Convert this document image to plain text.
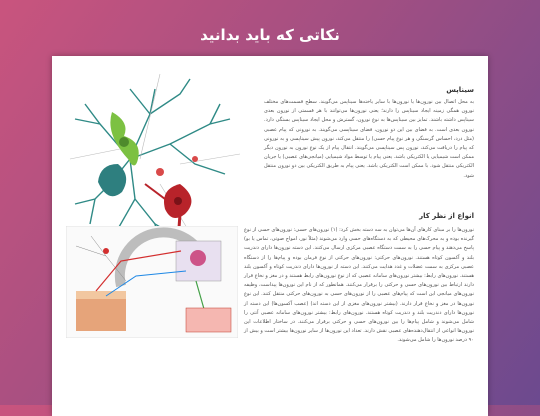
نکاتی که باید بدانید
سیناپس
به محل اتصال بین نورون‌ها یا نورون‌ها با سایر یاخته‌ها سیناپس می‌گویند. سطح قسمت‌های مختلف نورون همگی زمینه ایجاد سیناپس را دارند؛ یعنی نورون‌ها می‌توانند با هر قسمتی از نورون بعدی سیناپس داشته باشند. تمایز بین سیناپس‌ها به نوع نورون، گسترش و محل ایجاد سیناپس بستگی دارد. نورون بعدی است. به فضای بین این دو نورون، فضای سیناپسی می‌گویند. به نورونی که پیام عصبی (مثل درد، احساس گرسنگی و هر نوع پیام حسی) را منتقل می‌کند، نورون پیش سیناپسی و به نورونی که پیام را دریافت می‌کند، نورون پس سیناپسی می‌گویند. انتقال پیام از یک نوع نورون به نورون دیگر ممکن است شیمیایی یا الکتریکی باشد. یعنی پیام یا توسط مواد شیمیایی (میانجی‌های عصبی) یا جریان الکتریکی منتقل شود. با ممکن است الکتریکی باشد. یعنی پیام به طریق الکتریکی بین دو نورون منتقل شود.
انواع از نظر کار
نورون‌ها را بر مبنای کار‌های آن‌ها می‌توان به سه دسته بخش کرد: (۱) نورون‌های حسی: نورون‌های حسی از نوع گیرنده بوده و به محرک‌های محیطی که به دستگاه‌های حسی وارد می‌شوند (مثلاً نور، امواج صوتی، تماس یا بو) پاسخ می‌دهند و پیام حسی را به سمت دستگاه عصبی مرکزی ارسال می‌کنند. این دسته نورون‌ها دارای دندریت بلند و آکسون کوتاه هستند. نورون‌های حرکتی: نورون‌های حرکتی از نوع فرمان بوده و پیام‌ها را از دستگاه عصبی مرکزی به سمت عضلات و غدد هدایت می‌کنند. این دسته از نورون‌ها دارای دندریت کوتاه و آکسون بلند هستند. نورون‌های رابط: بیشتر نورون‌های سامانه عصبی که از نوع نورون‌های رابط هستند و در مغز و نخاع قرار دارند ارتباط بین نورون‌های حسی و حرکتی را برقرار می‌کنند. همانطور که از نام این نورون‌ها پیداست، وظیفه نورون‌های میانجی این است که پیام‌های عصبی را از نورون‌های حسی به نورون‌های حرکتی منتقل کنند. این نوع نورون‌ها در مغز و نخاع قرار دارند. (بیشتر نورون‌های مغزی از این دسته اند) (عصب آکسون‌ها) این دسته از نورون‌ها دارای دندریت بلند و دندریت کوتاه هستند. نورون‌های رابط: بیشتر نورون‌های سامانه عصبی آنتی را شامل می‌شوند و شامل پیام‌ها را بین نورون‌های حسی و حرکتی برقرار می‌کنند. در ساختار اطلاعات این نورون‌ها انواعی از انتقال‌دهنده‌های عصبی نقش دارند. تعداد این نورون‌ها از سایر نورون‌ها بیشتر است و بیش از ۹۰ درصد نورون‌ها را شامل می‌شوند.
